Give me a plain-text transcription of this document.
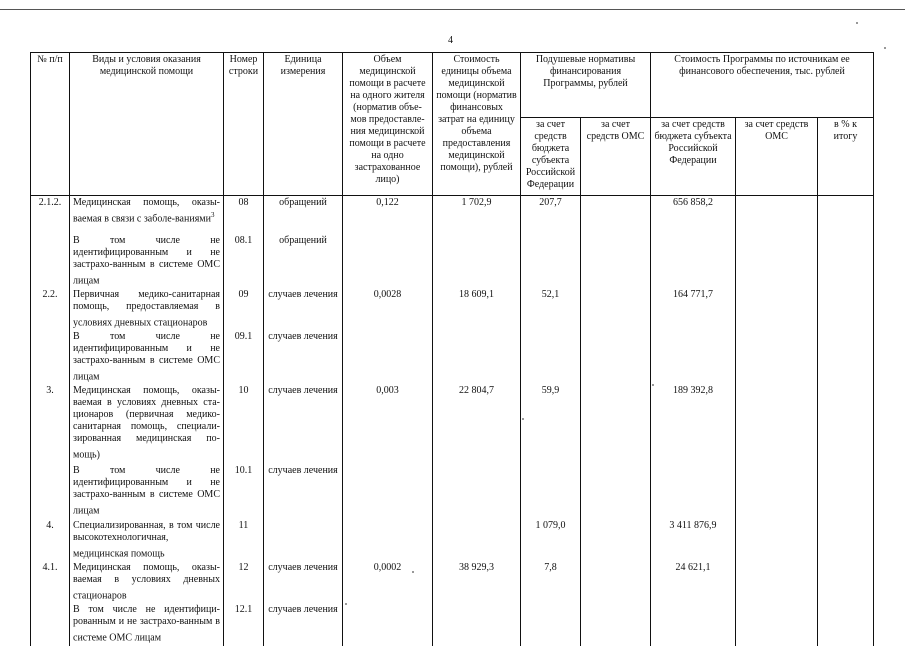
4
№ п/п	Виды и условия оказания медицинской помощи	Номер строки	Единица измерения	Объем медицинской помощи в расчете на одного жителя (норматив объе-мов предоставле-ния медицинской помощи в расчете на одно застрахованное лицо)	Стоимость единицы объема медицинской помощи (норматив финансовых затрат на единицу объема предоставления медицинской помощи), рублей	Подушевые нормативы финансирования Программы, рублей		Стоимость Программы по источникам ее финансового обеспечения, тыс. рублей		
						за счет средств бюджета субъекта Российской Федерации	за счет средств ОМС	за счет средств бюджета субъекта Российской Федерации	за счет средств ОМС	в % к итогу
2.1.2.	Медицинская помощь, оказы-ваемая в связи с заболе-ваниями$^3$	08	обращений	0,122	1 702,9	207,7		656 858,2		
	В том числе не идентифицированным и не застрахо-ванным в системе ОМС лицам	08.1	обращений							
2.2.	Первичная медико-санитарная помощь, предоставляемая в условиях дневных стационаров	09	случаев лечения	0,0028	18 609,1	52,1		164 771,7		
	В том числе не идентифицированным и не застрахо-ванным в системе ОМС лицам	09.1	случаев лечения							
3.	Медицинская помощь, оказы-ваемая в условиях дневных ста-ционаров (первичная медико-санитарная помощь, специали-зированная медицинская по-мощь)	10	случаев лечения	0,003	22 804,7	59,9		189 392,8		
	В том числе не идентифицированным и не застрахо-ванным в системе ОМС лицам	10.1	случаев лечения							
4.	Специализированная, в том числе высокотехнологичная, медицинская помощь	11				1 079,0		3 411 876,9		
4.1.	Медицинская помощь, оказы-ваемая в условиях дневных стационаров	12	случаев лечения	0,0002	38 929,3	7,8		24 621,1		
	В том числе не идентифици-рованным и не застрахо-ванным в системе ОМС лицам	12.1	случаев лечения							
